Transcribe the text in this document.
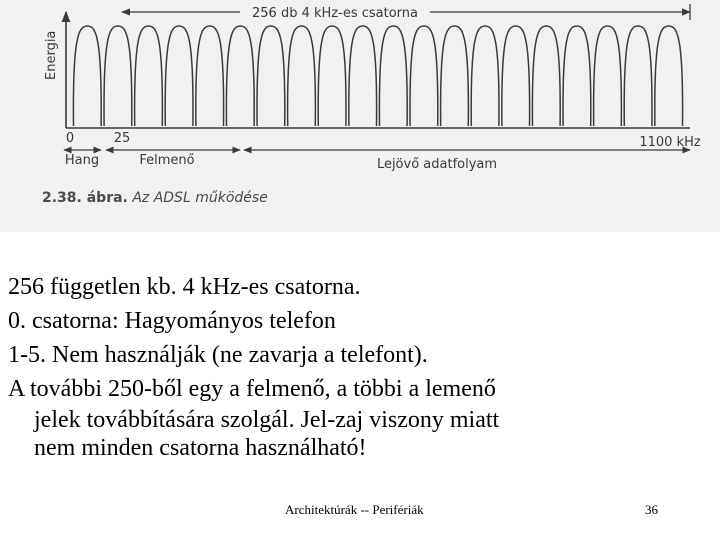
Energia
256 db 4 kHz-es csatorna
0	25	1100 kHz
Hang	Felmenő	Lejövő adatfolyam
2.38. ábra. Az ADSL működése
256 független kb. 4 kHz-es csatorna.
0. csatorna: Hagyományos telefon
1-5. Nem használják (ne zavarja a telefont).
A további 250-ből egy a felmenő, a többi a lemenő
jelek továbbítására szolgál. Jel-zaj viszony miatt
nem minden csatorna használható!
Architektúrák -- Perifériák	36
